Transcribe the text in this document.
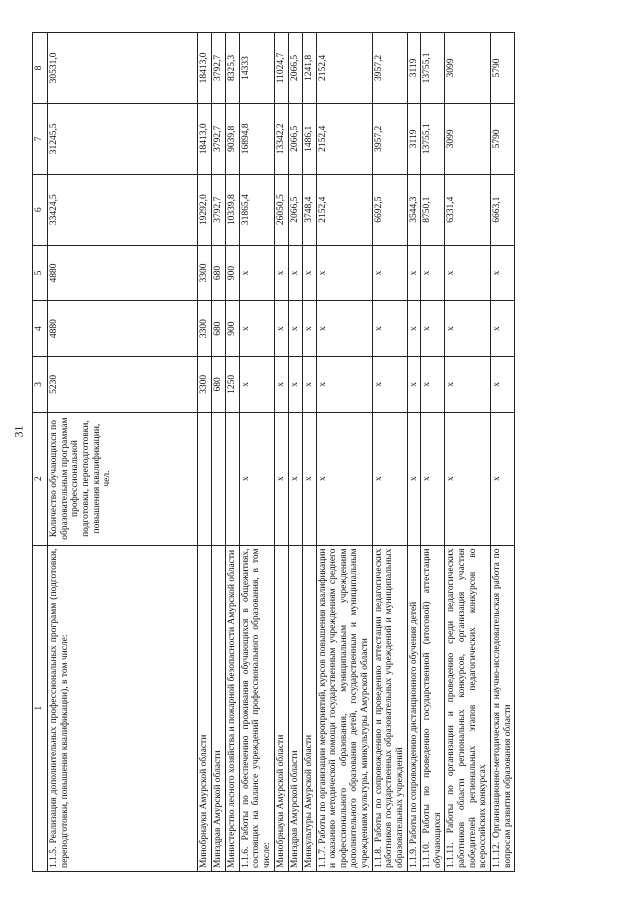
31
1	2	3	4	5	6	7	8
1.1.5. Реализация дополнительных профессиональных программ (подготовки, переподготовки, повышения квалификации), в том числе:	Количество обучающихся по образовательным программам профессиональной подготовки, переподготовки, повышения квалификации, чел.	5230	4880	4880	33424,5	31245,5	30531,0
Минобрнауки Амурской области		3300	3300	3300	19292,0	18413,0	18413,0
Минздрав Амурской области		680	680	680	3792,7	3792,7	3792,7
Министерство лесного хозяйства и пожарной безопасности Амурской области		1250	900	900	10339,8	9039,8	8325,3
1.1.6. Работы по обеспечению проживания обучающихся в общежитиях, состоящих на балансе учреждений профессионального образования, в том числе:	x	x	x	x	31865,4	16894,8	14333
Минобрнауки Амурской области	x	x	x	x	26050,5	13342,2	11024,7
Минздрав Амурской области	x	x	x	x	2066,5	2066,5	2066,5
Минкультуры Амурской области	x	x	x	x	3748,4	1486,1	1241,8
1.1.7. Работы по организации мероприятий, курсов повышения квалификации и оказанию методической помощи государственным учреждениям среднего профессионального образования, муниципальным учреждениям дополнительного образования детей, государственным и муниципальным учреждениям культуры, минкультуры Амурской области	x	x	x	x	2152,4	2152,4	2152,4
1.1.8. Работы по сопровождению и проведению аттестации педагогических работников государственных образовательных учреждений и муниципальных образовательных учреждений	x	x	x	x	6692,5	3957,2	3957,2
1.1.9. Работы по сопровождению дистанционного обучения детей	x	x	x	x	3544,3	3119	3119
1.1.10. Работы по проведению государственной (итоговой) аттестации обучающихся	x	x	x	x	8750,1	13755,1	13755,1
1.1.11. Работы по организации и проведению среди педагогических работников области региональных конкурсов, организация участия победителей региональных этапов педагогических конкурсов во всероссийских конкурсах	x	x	x	x	6331,4	3099	3099
1.1.12. Организационно-методическая и научно-исследовательская работа по вопросам развития образования области	x	x	x	x	6663,1	5790	5790
